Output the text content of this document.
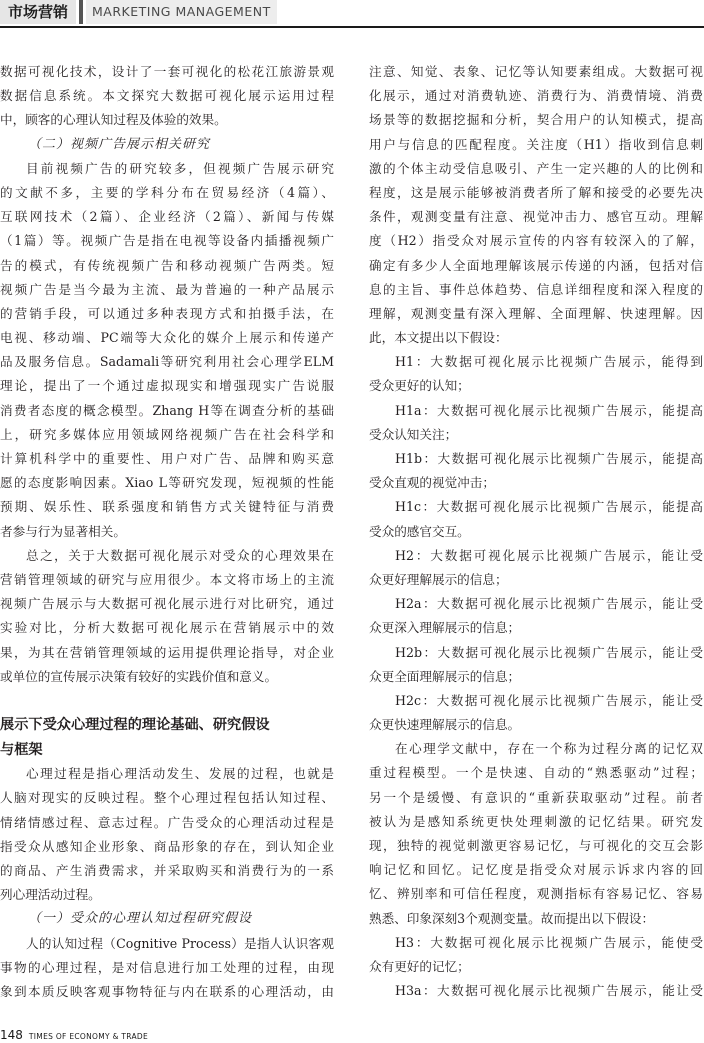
市场营销	MARKETING MANAGEMENT
数据可视化技术，设计了一套可视化的松花江旅游景观
数据信息系统。本文探究大数据可视化展示运用过程
中，顾客的心理认知过程及体验的效果。
（二）视频广告展示相关研究
目前视频广告的研究较多，但视频广告展示研究
的文献不多，主要的学科分布在贸易经济（4篇）、
互联网技术（2篇）、企业经济（2篇）、新闻与传媒
（1篇）等。视频广告是指在电视等设备内插播视频广
告的模式，有传统视频广告和移动视频广告两类。短
视频广告是当今最为主流、最为普遍的一种产品展示
的营销手段，可以通过多种表现方式和拍摄手法，在
电视、移动端、PC端等大众化的媒介上展示和传递产
品及服务信息。Sadamali等研究利用社会心理学ELM
理论，提出了一个通过虚拟现实和增强现实广告说服
消费者态度的概念模型。Zhang H等在调查分析的基础
上，研究多媒体应用领域网络视频广告在社会科学和
计算机科学中的重要性、用户对广告、品牌和购买意
愿的态度影响因素。Xiao L等研究发现，短视频的性能
预期、娱乐性、联系强度和销售方式关键特征与消费
者参与行为显著相关。
总之，关于大数据可视化展示对受众的心理效果在
营销管理领域的研究与应用很少。本文将市场上的主流
视频广告展示与大数据可视化展示进行对比研究，通过
实验对比，分析大数据可视化展示在营销展示中的效
果，为其在营销管理领域的运用提供理论指导，对企业
或单位的宣传展示决策有较好的实践价值和意义。
展示下受众心理过程的理论基础、研究假设
与框架
心理过程是指心理活动发生、发展的过程，也就是
人脑对现实的反映过程。整个心理过程包括认知过程、
情绪情感过程、意志过程。广告受众的心理活动过程是
指受众从感知企业形象、商品形象的存在，到认知企业
的商品、产生消费需求，并采取购买和消费行为的一系
列心理活动过程。
（一）受众的心理认知过程研究假设
人的认知过程（Cognitive Process）是指人认识客观
事物的心理过程，是对信息进行加工处理的过程，由现
象到本质反映客观事物特征与内在联系的心理活动，由
注意、知觉、表象、记忆等认知要素组成。大数据可视
化展示，通过对消费轨迹、消费行为、消费情境、消费
场景等的数据挖掘和分析，契合用户的认知模式，提高
用户与信息的匹配程度。关注度（H1）指收到信息刺
激的个体主动受信息吸引、产生一定兴趣的人的比例和
程度，这是展示能够被消费者所了解和接受的必要先决
条件，观测变量有注意、视觉冲击力、感官互动。理解
度（H2）指受众对展示宣传的内容有较深入的了解，
确定有多少人全面地理解该展示传递的内涵，包括对信
息的主旨、事件总体趋势、信息详细程度和深入程度的
理解，观测变量有深入理解、全面理解、快速理解。因
此，本文提出以下假设：
H1：大数据可视化展示比视频广告展示，能得到
受众更好的认知；
H1a：大数据可视化展示比视频广告展示，能提高
受众认知关注；
H1b：大数据可视化展示比视频广告展示，能提高
受众直观的视觉冲击；
H1c：大数据可视化展示比视频广告展示，能提高
受众的感官交互。
H2：大数据可视化展示比视频广告展示，能让受
众更好理解展示的信息；
H2a：大数据可视化展示比视频广告展示，能让受
众更深入理解展示的信息；
H2b：大数据可视化展示比视频广告展示，能让受
众更全面理解展示的信息；
H2c：大数据可视化展示比视频广告展示，能让受
众更快速理解展示的信息。
在心理学文献中，存在一个称为过程分离的记忆双
重过程模型。一个是快速、自动的“熟悉驱动”过程；
另一个是缓慢、有意识的“重新获取驱动”过程。前者
被认为是感知系统更快处理刺激的记忆结果。研究发
现，独特的视觉刺激更容易记忆，与可视化的交互会影
响记忆和回忆。记忆度是指受众对展示诉求内容的回
忆、辨别率和可信任程度，观测指标有容易记忆、容易
熟悉、印象深刻3个观测变量。故而提出以下假设：
H3：大数据可视化展示比视频广告展示，能使受
众有更好的记忆；
H3a：大数据可视化展示比视频广告展示，能让受
148 TIMES OF ECONOMY & TRADE
